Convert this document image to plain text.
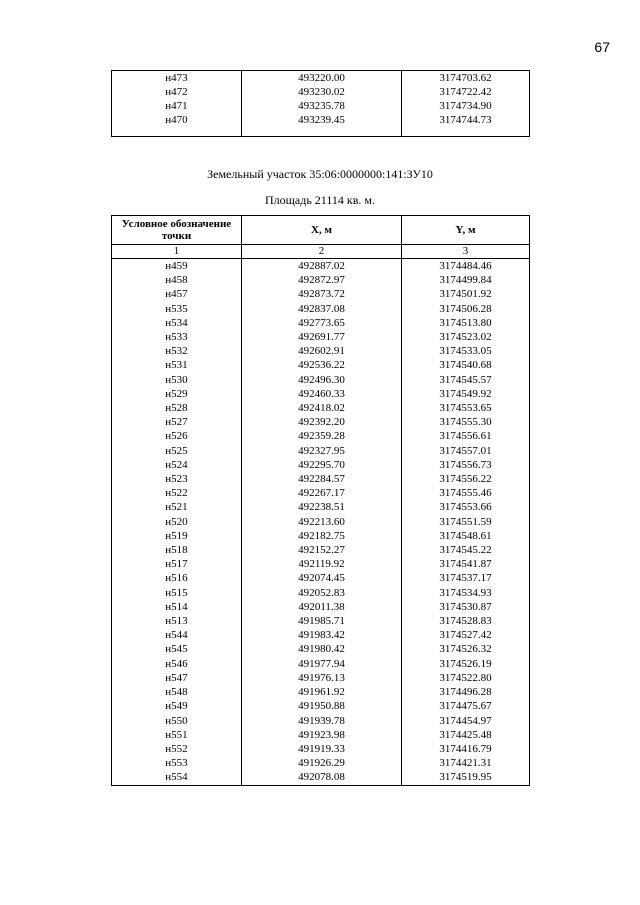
67
н473	493220.00	3174703.62
н472	493230.02	3174722.42
н471	493235.78	3174734.90
н470	493239.45	3174744.73

Земельный участок 35:06:0000000:141:ЗУ10
Площадь 21114 кв. м.
Условное обозначение точки	X, м	Y, м
1	2	3
н459	492887.02	3174484.46
н458	492872.97	3174499.84
н457	492873.72	3174501.92
н535	492837.08	3174506.28
н534	492773.65	3174513.80
н533	492691.77	3174523.02
н532	492602.91	3174533.05
н531	492536.22	3174540.68
н530	492496.30	3174545.57
н529	492460.33	3174549.92
н528	492418.02	3174553.65
н527	492392.20	3174555.30
н526	492359.28	3174556.61
н525	492327.95	3174557.01
н524	492295.70	3174556.73
н523	492284.57	3174556.22
н522	492267.17	3174555.46
н521	492238.51	3174553.66
н520	492213.60	3174551.59
н519	492182.75	3174548.61
н518	492152.27	3174545.22
н517	492119.92	3174541.87
н516	492074.45	3174537.17
н515	492052.83	3174534.93
н514	492011.38	3174530.87
н513	491985.71	3174528.83
н544	491983.42	3174527.42
н545	491980.42	3174526.32
н546	491977.94	3174526.19
н547	491976.13	3174522.80
н548	491961.92	3174496.28
н549	491950.88	3174475.67
н550	491939.78	3174454.97
н551	491923.98	3174425.48
н552	491919.33	3174416.79
н553	491926.29	3174421.31
н554	492078.08	3174519.95
